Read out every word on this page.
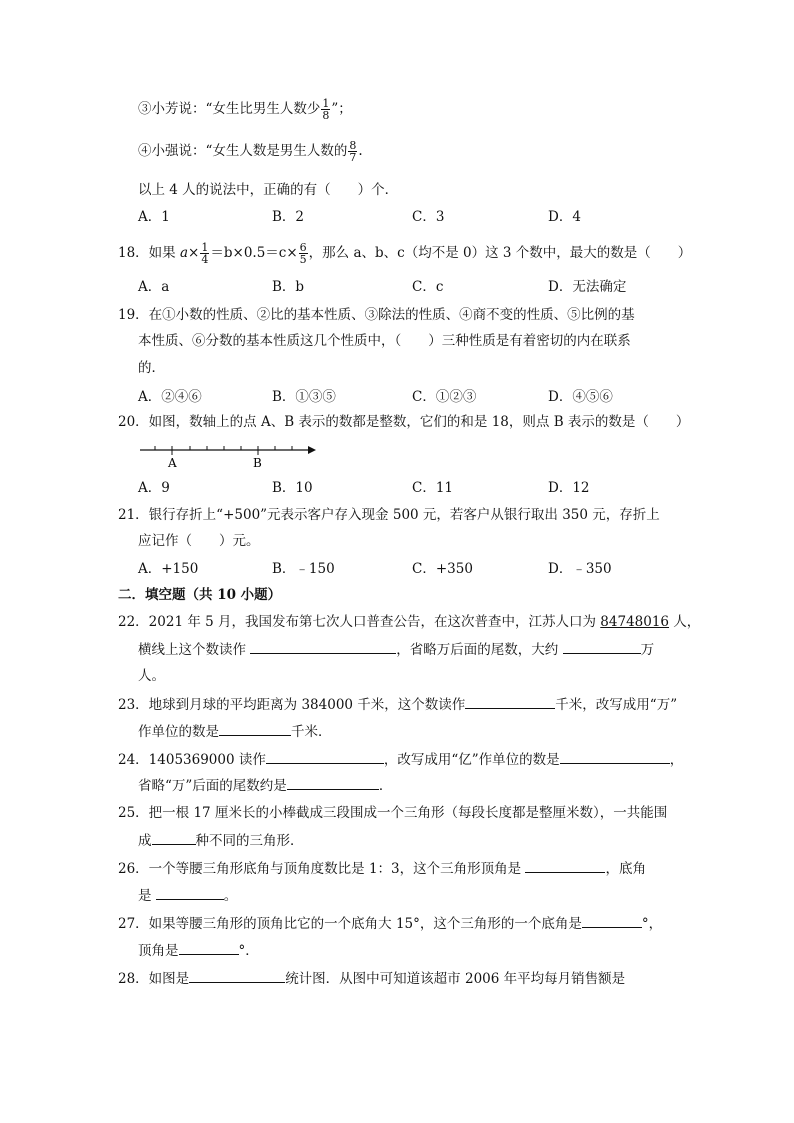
③小芳说：“女生比男生人数少 $\frac{1}{8}$ ”；
④小强说：“女生人数是男生人数的 $\frac{8}{7}$ .
以上 4 人的说法中，正确的有（　　）个．
A．1	B．2	C．3	D．4
18．如果 $a\times \frac{1}{4} =b\times 0.5=c\times \frac{6}{5}$ ，那么 a、b、c（均不是 0）这 3 个数中，最大的数是（　　）
A．a	B．b	C．c	D．无法确定
19．在①小数的性质、②比的基本性质、③除法的性质、④商不变的性质、⑤比例的基
本性质、⑥分数的基本性质这几个性质中，（　　）三种性质是有着密切的内在联系
的．
A．②④⑥	B．①③⑤	C．①②③	D．④⑤⑥
20．如图，数轴上的点 A、B 表示的数都是整数，它们的和是 18，则点 B 表示的数是（　　）
A	B
A．9	B．10	C．11	D．12
21．银行存折上“+500”元表示客户存入现金 500 元，若客户从银行取出 350 元，存折上
应记作（　　）元。
A．+150	B．﹣150	C．+350	D．﹣350
二．填空题（共 10 小题）
22．2021 年 5 月，我国发布第七次人口普查公告，在这次普查中，江苏人口为 84748016 人，
横线上这个数读作	，省略万后面的尾数，大约	万
人。
23．地球到月球的平均距离为 384000 千米，这个数读作	千米，改写成用“万”
作单位的数是	千米．
24．1405369000 读作	，改写成用“亿”作单位的数是	，
省略“万”后面的尾数约是	．
25．把一根 17 厘米长的小棒截成三段围成一个三角形（每段长度都是整厘米数），一共能围
成	种不同的三角形．
26．一个等腰三角形底角与顶角度数比是 1：3，这个三角形顶角是	，底角
是	。
27．如果等腰三角形的顶角比它的一个底角大 15°，这个三角形的一个底角是	°，
顶角是	°．
28．如图是	统计图．从图中可知道该超市 2006 年平均每月销售额是
